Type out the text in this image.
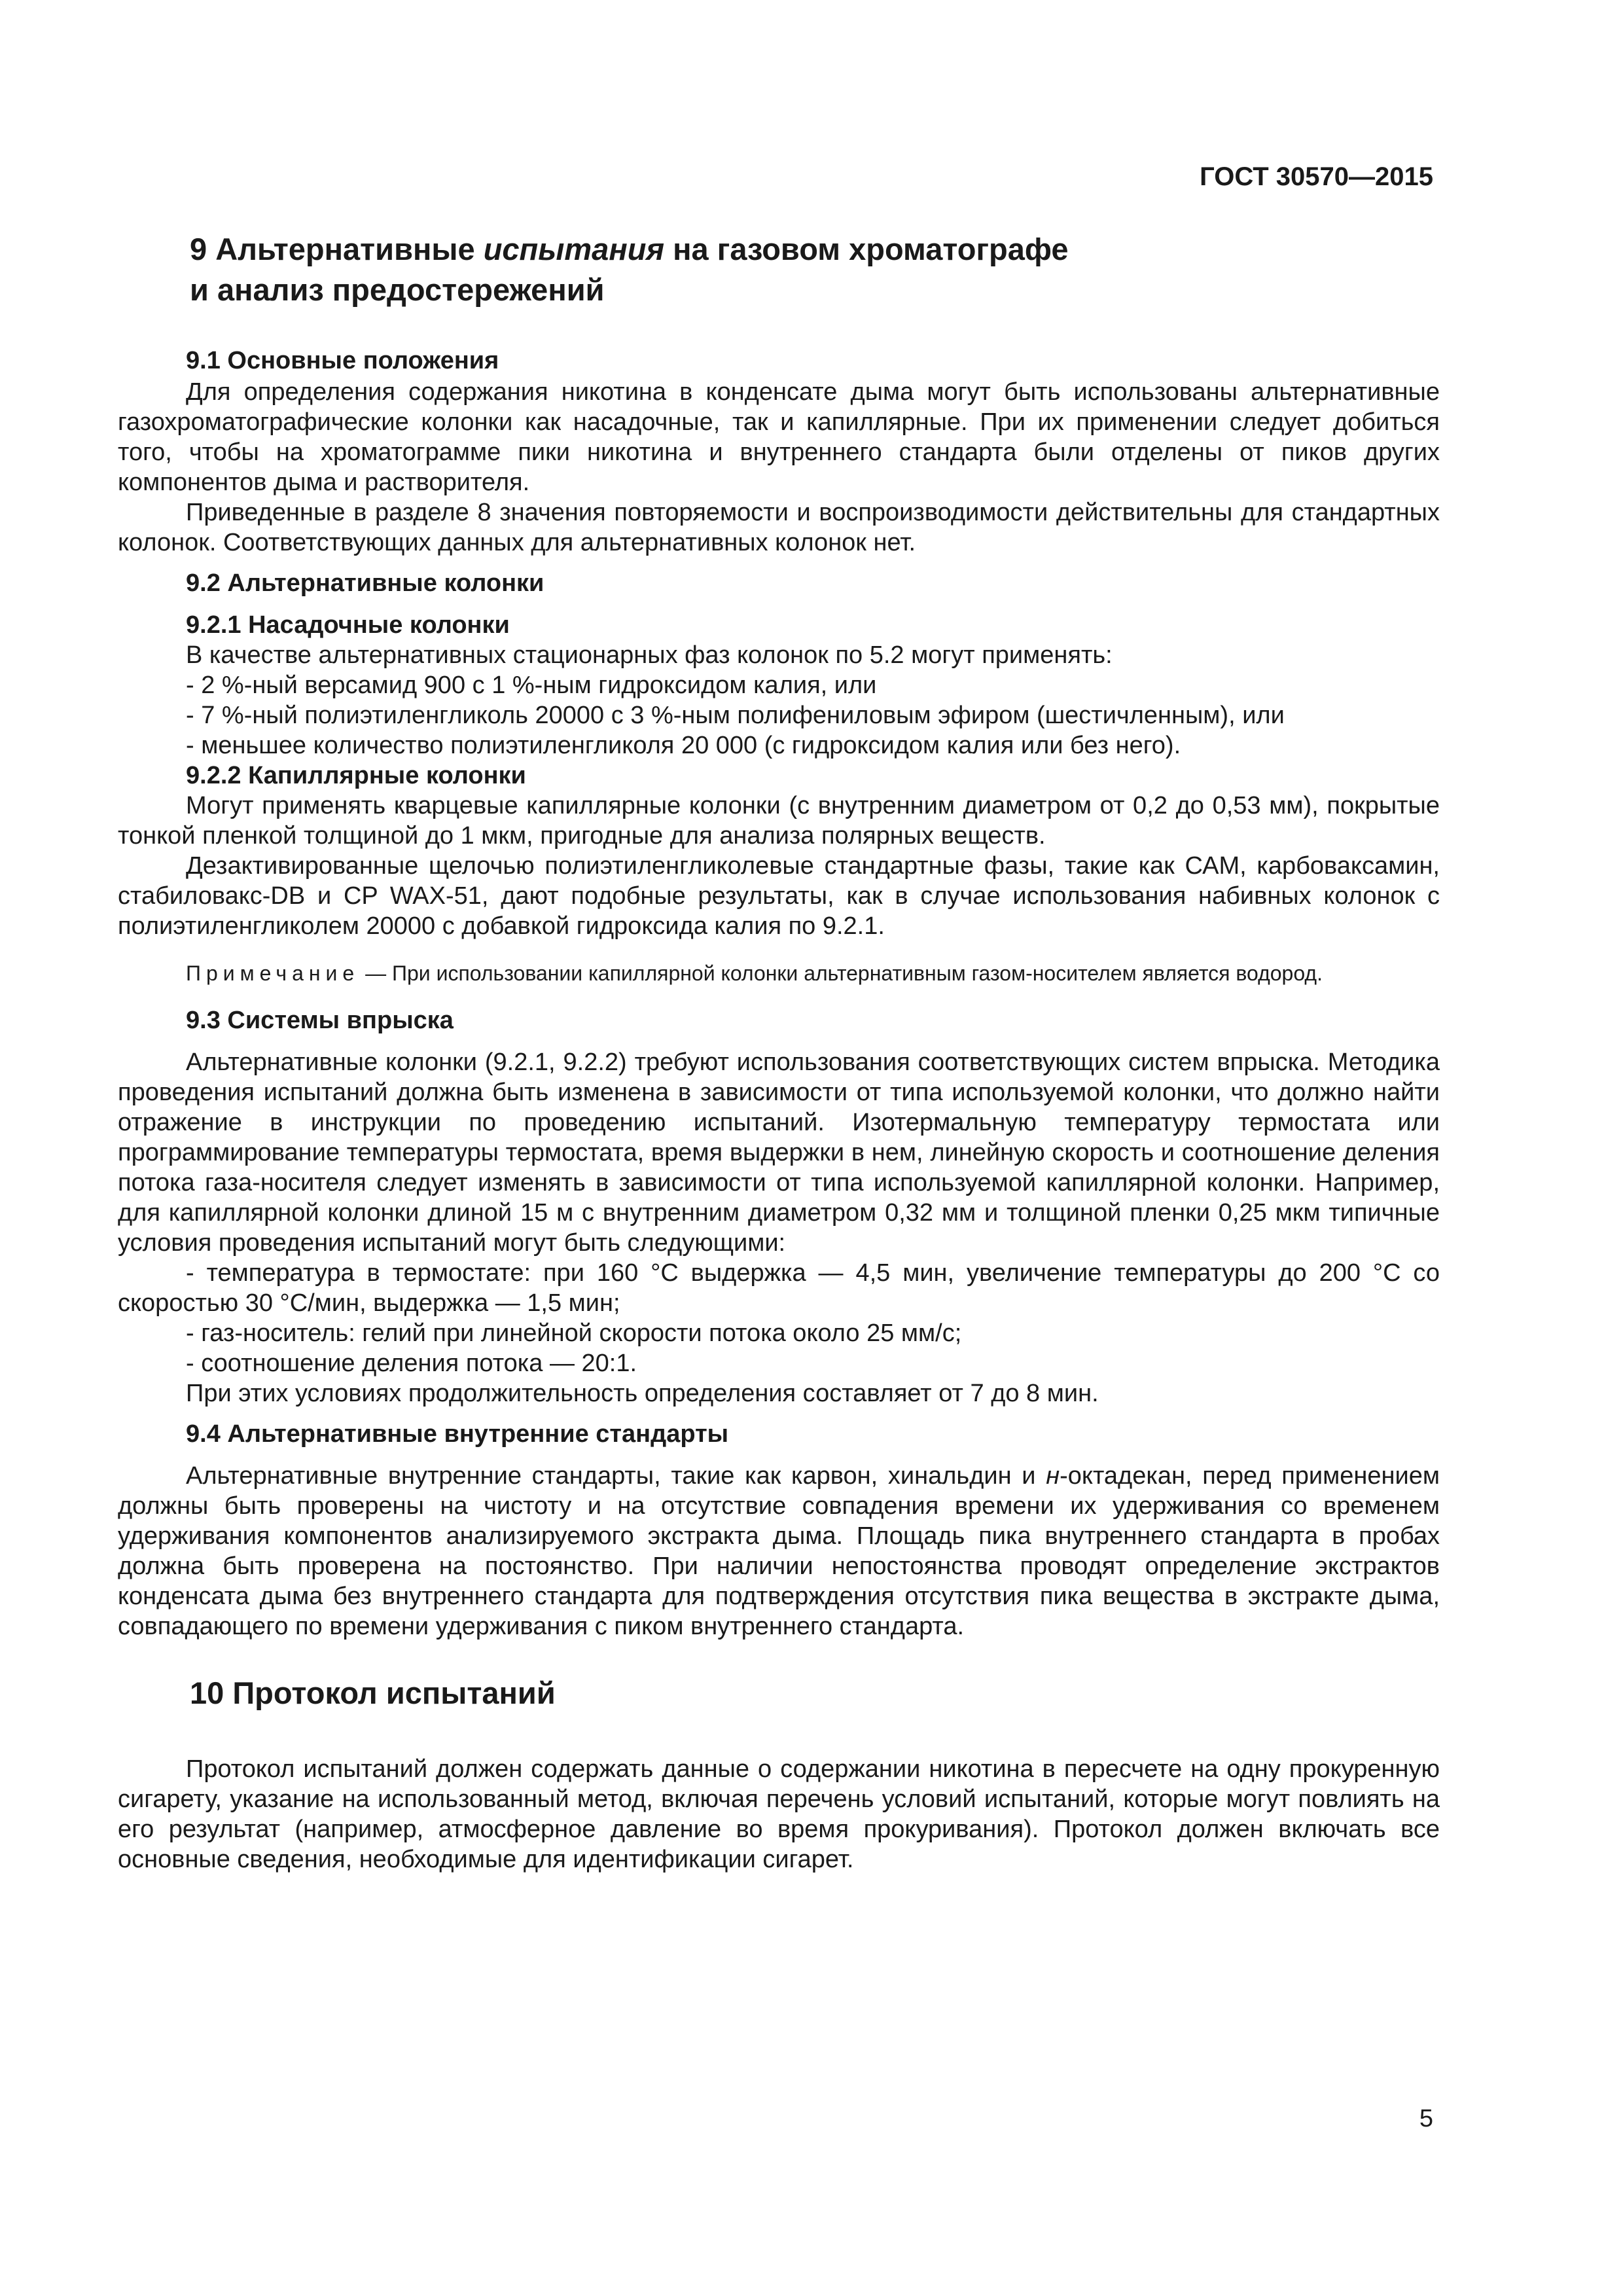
ГОСТ 30570—2015
9 Альтернативные испытания на газовом хроматографе
и анализ предостережений
9.1 Основные положения

Для определения содержания никотина в конденсате дыма могут быть использованы альтернативные газохроматографические колонки как насадочные, так и капиллярные. При их применении следует добиться того, чтобы на хроматограмме пики никотина и внутреннего стандарта были отделены от пиков других компонентов дыма и растворителя.

Приведенные в разделе 8 значения повторяемости и воспроизводимости действительны для стандартных колонок. Соответствующих данных для альтернативных колонок нет.

9.2 Альтернативные колонки
9.2.1 Насадочные колонки

В качестве альтернативных стационарных фаз колонок по 5.2 могут применять:

- 2 %-ный версамид 900 с 1 %-ным гидроксидом калия, или

- 7 %-ный полиэтиленгликоль 20000 с 3 %-ным полифениловым эфиром (шестичленным), или

- меньшее количество полиэтиленгликоля 20 000 (с гидроксидом калия или без него).

9.2.2 Капиллярные колонки

Могут применять кварцевые капиллярные колонки (с внутренним диаметром от 0,2 до 0,53 мм), покрытые тонкой пленкой толщиной до 1 мкм, пригодные для анализа полярных веществ.

Дезактивированные щелочью полиэтиленгликолевые стандартные фазы, такие как САМ, карбоваксамин, стабиловакс-DB и CP WAX-51, дают подобные результаты, как в случае использования набивных колонок с полиэтиленгликолем 20000 с добавкой гидроксида калия по 9.2.1.

Примечание — При использовании капиллярной колонки альтернативным газом-носителем является водород.

9.3 Системы впрыска

Альтернативные колонки (9.2.1, 9.2.2) требуют использования соответствующих систем впрыска. Методика проведения испытаний должна быть изменена в зависимости от типа используемой колонки, что должно найти отражение в инструкции по проведению испытаний. Изотермальную температуру термостата или программирование температуры термостата, время выдержки в нем, линейную скорость и соотношение деления потока газа-носителя следует изменять в зависимости от типа используемой капиллярной колонки. Например, для капиллярной колонки длиной 15 м с внутренним диаметром 0,32 мм и толщиной пленки 0,25 мкм типичные условия проведения испытаний могут быть следующими:

- температура в термостате: при 160 °С выдержка — 4,5 мин, увеличение температуры до 200 °С со скоростью 30 °С/мин, выдержка — 1,5 мин;

- газ-носитель: гелий при линейной скорости потока около 25 мм/с;

- соотношение деления потока — 20:1.

При этих условиях продолжительность определения составляет от 7 до 8 мин.

9.4 Альтернативные внутренние стандарты

Альтернативные внутренние стандарты, такие как карвон, хинальдин и н-октадекан, перед применением должны быть проверены на чистоту и на отсутствие совпадения времени их удерживания со временем удерживания компонентов анализируемого экстракта дыма. Площадь пика внутреннего стандарта в пробах должна быть проверена на постоянство. При наличии непостоянства проводят определение экстрактов конденсата дыма без внутреннего стандарта для подтверждения отсутствия пика вещества в экстракте дыма, совпадающего по времени удерживания с пиком внутреннего стандарта.

10 Протокол испытаний

Протокол испытаний должен содержать данные о содержании никотина в пересчете на одну прокуренную сигарету, указание на использованный метод, включая перечень условий испытаний, которые могут повлиять на его результат (например, атмосферное давление во время прокуривания). Протокол должен включать все основные сведения, необходимые для идентификации сигарет.

5
